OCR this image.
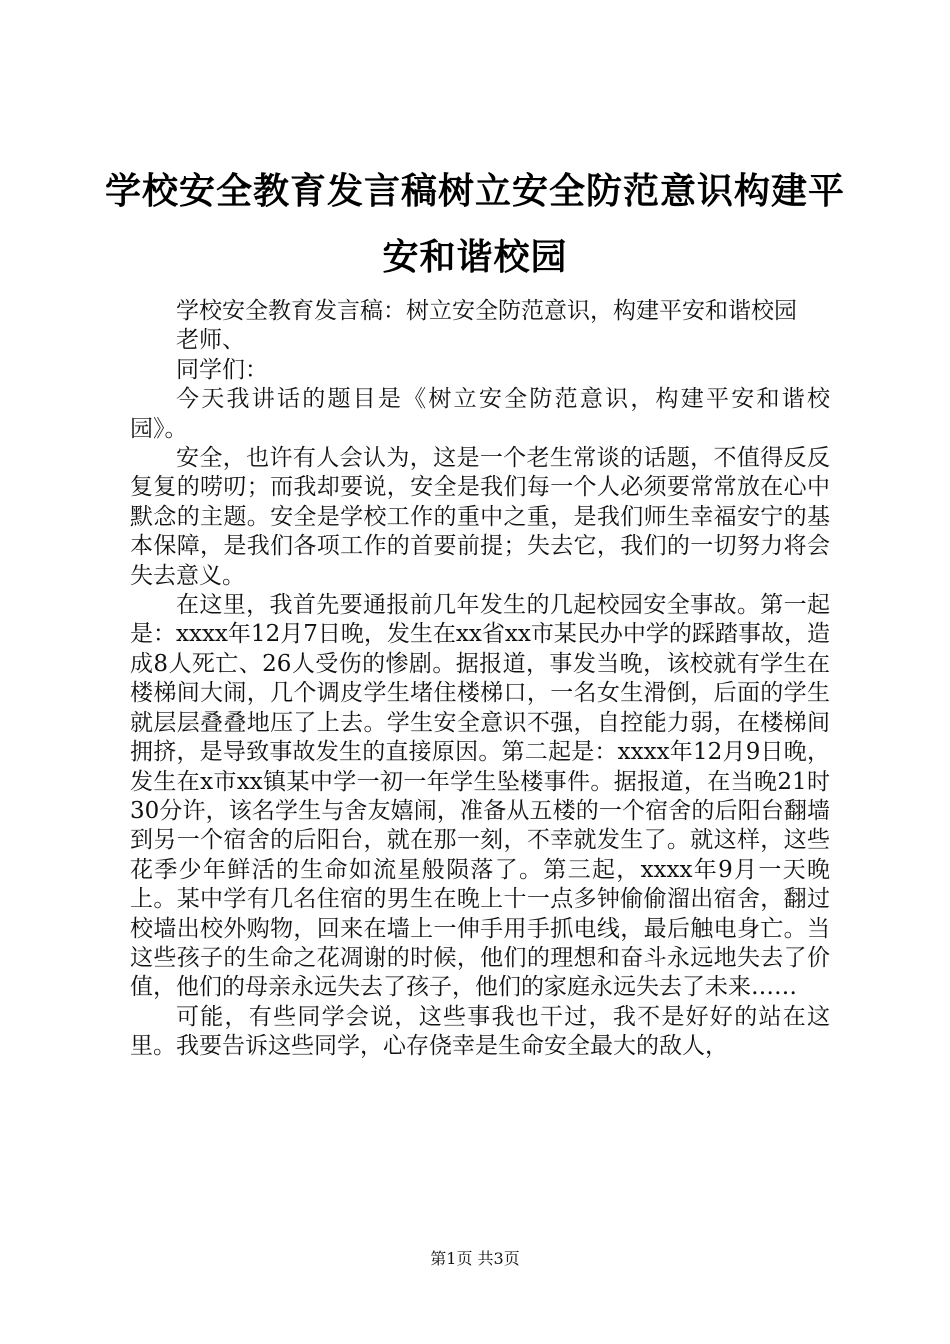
学校安全教育发言稿树立安全防范意识构建平安和谐校园

学校安全教育发言稿：树立安全防范意识，构建平安和谐校园

老师、

同学们：

今天我讲话的题目是《树立安全防范意识，构建平安和谐校园》。

安全，也许有人会认为，这是一个老生常谈的话题，不值得反反复复的唠叨；而我却要说，安全是我们每一个人必须要常常放在心中默念的主题。安全是学校工作的重中之重，是我们师生幸福安宁的基本保障，是我们各项工作的首要前提；失去它，我们的一切努力将会失去意义。

在这里，我首先要通报前几年发生的几起校园安全事故。第一起是：xxxx年12月7日晚，发生在xx省xx市某民办中学的踩踏事故，造成8人死亡、26人受伤的惨剧。据报道，事发当晚，该校就有学生在楼梯间大闹，几个调皮学生堵住楼梯口，一名女生滑倒，后面的学生就层层叠叠地压了上去。学生安全意识不强，自控能力弱，在楼梯间拥挤，是导致事故发生的直接原因。第二起是：xxxx年12月9日晚，发生在x市xx镇某中学一初一年学生坠楼事件。据报道，在当晚21时30分许，该名学生与舍友嬉闹，准备从五楼的一个宿舍的后阳台翻墙到另一个宿舍的后阳台，就在那一刻，不幸就发生了。就这样，这些花季少年鲜活的生命如流星般陨落了。第三起，xxxx年9月一天晚上。某中学有几名住宿的男生在晚上十一点多钟偷偷溜出宿舍，翻过校墙出校外购物，回来在墙上一伸手用手抓电线，最后触电身亡。当这些孩子的生命之花凋谢的时候，他们的理想和奋斗永远地失去了价值，他们的母亲永远失去了孩子，他们的家庭永远失去了未来……

可能，有些同学会说，这些事我也干过，我不是好好的站在这里。我要告诉这些同学，心存侥幸是生命安全最大的敌人，

第1页 共3页
